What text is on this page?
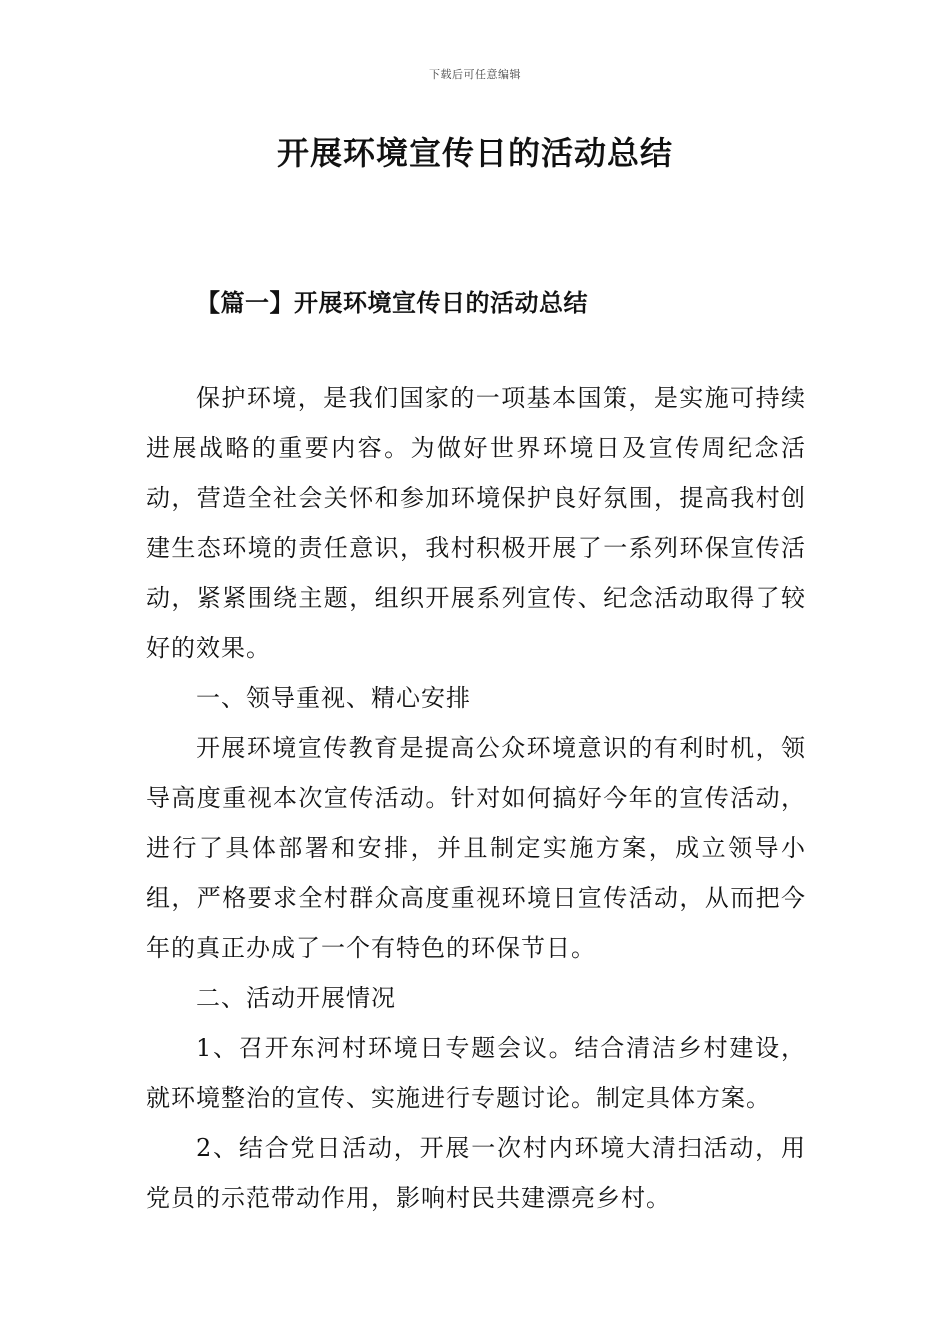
下载后可任意编辑
开展环境宣传日的活动总结
【篇一】开展环境宣传日的活动总结

保护环境，是我们国家的一项基本国策，是实施可持续进展战略的重要内容。为做好世界环境日及宣传周纪念活动，营造全社会关怀和参加环境保护良好氛围，提高我村创建生态环境的责任意识，我村积极开展了一系列环保宣传活动，紧紧围绕主题，组织开展系列宣传、纪念活动取得了较好的效果。

一、领导重视、精心安排

开展环境宣传教育是提高公众环境意识的有利时机，领导高度重视本次宣传活动。针对如何搞好今年的宣传活动，进行了具体部署和安排，并且制定实施方案，成立领导小组，严格要求全村群众高度重视环境日宣传活动，从而把今年的真正办成了一个有特色的环保节日。

二、活动开展情况

1、召开东河村环境日专题会议。结合清洁乡村建设，就环境整治的宣传、实施进行专题讨论。制定具体方案。

2、结合党日活动，开展一次村内环境大清扫活动，用党员的示范带动作用，影响村民共建漂亮乡村。
